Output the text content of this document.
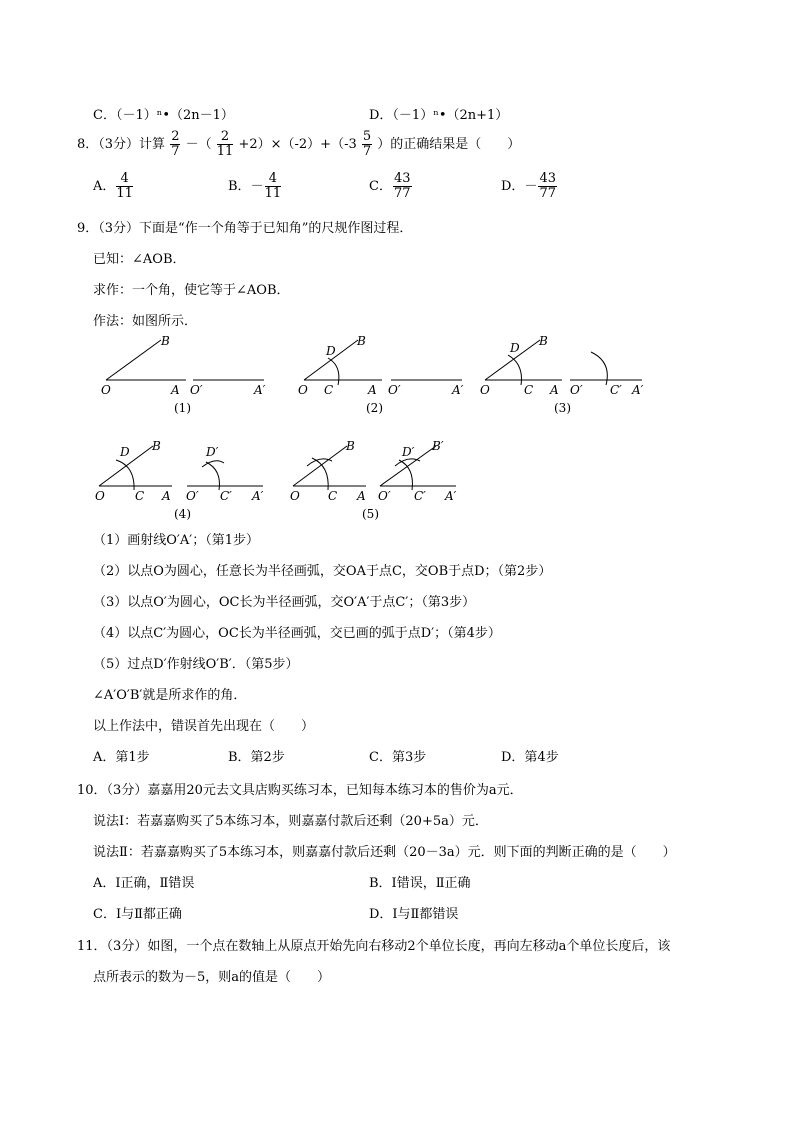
C．（－1）ⁿ•（2n－1）	D．（－1）ⁿ•（2n+1）
8．（3分）计算 $\frac{2}{7}$ －（ $\frac{2}{11} +2)\times(-2)+(-3 \frac{5}{7}$ ）的正确结果是（　　）
A． $\frac{4}{11}$	B．－ $\frac{4}{11}$	C． $\frac{43}{77}$	D．－ $\frac{43}{77}$
9．（3分）下面是“作一个角等于已知角”的尺规作图过程．
已知：∠AOB．
求作：一个角，使它等于∠AOB．
作法：如图所示．
O	A
B
O′	A′	O C	A
D
B
O′	A′ O	C A
D B
O′ C′ A′
O	C A
D B
O′ C′ A′
D′
O C A
B
O′ C′ A′
D′ B′
(1)	(2)	(3)
(4)	(5)
（1）画射线O′A′；（第1步）
（2）以点O为圆心，任意长为半径画弧，交OA于点C，交OB于点D；（第2步）
（3）以点O′为圆心，OC长为半径画弧，交O′A′于点C′；（第3步）
（4）以点C′为圆心，OC长为半径画弧，交已画的弧于点D′；（第4步）
（5）过点D′作射线O′B′．（第5步）
∠A′O′B′就是所求作的角．
以上作法中，错误首先出现在（　　）
A．第1步	B．第2步	C．第3步	D．第4步
10．（3分）嘉嘉用20元去文具店购买练习本，已知每本练习本的售价为a元．
说法Ⅰ：若嘉嘉购买了5本练习本，则嘉嘉付款后还剩（20+5a）元．
说法Ⅱ：若嘉嘉购买了5本练习本，则嘉嘉付款后还剩（20－3a）元．则下面的判断正确的是（　　）
A．Ⅰ正确，Ⅱ错误	B．Ⅰ错误，Ⅱ正确
C．Ⅰ与Ⅱ都正确	D．Ⅰ与Ⅱ都错误
11．（3分）如图，一个点在数轴上从原点开始先向右移动2个单位长度，再向左移动a个单位长度后，该
点所表示的数为－5，则a的值是（　　）
